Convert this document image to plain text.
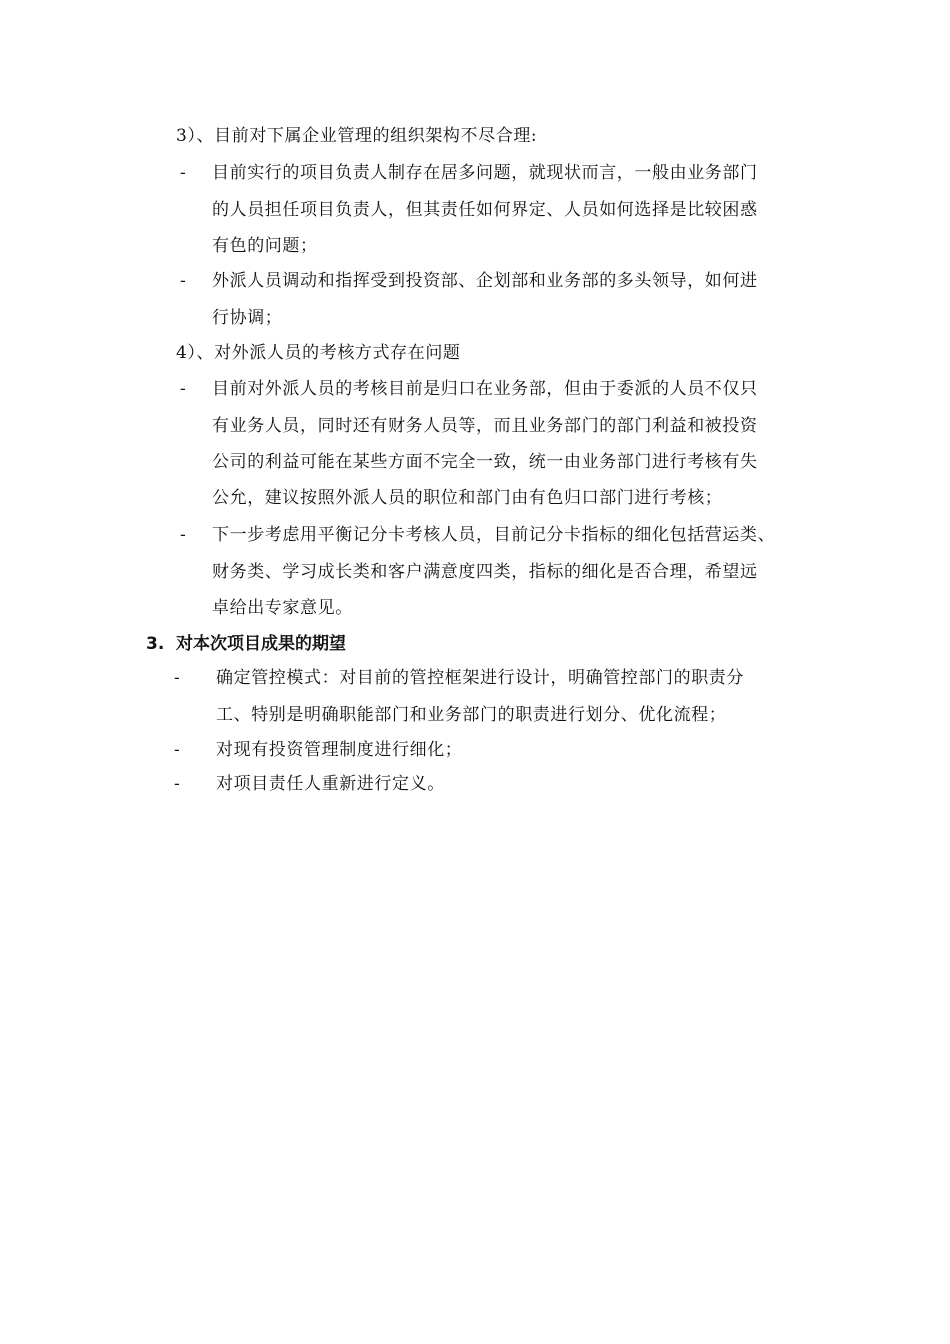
3）、目前对下属企业管理的组织架构不尽合理:
- 目前实行的项目负责人制存在居多问题，就现状而言，一般由业务部门
的人员担任项目负责人，但其责任如何界定、人员如何选择是比较困惑
有色的问题；
- 外派人员调动和指挥受到投资部、企划部和业务部的多头领导，如何进
行协调；
4）、对外派人员的考核方式存在问题
- 目前对外派人员的考核目前是归口在业务部，但由于委派的人员不仅只
有业务人员，同时还有财务人员等，而且业务部门的部门利益和被投资
公司的利益可能在某些方面不完全一致，统一由业务部门进行考核有失
公允，建议按照外派人员的职位和部门由有色归口部门进行考核；
- 下一步考虑用平衡记分卡考核人员，目前记分卡指标的细化包括营运类、
财务类、学习成长类和客户满意度四类，指标的细化是否合理，希望远
卓给出专家意见。
3. 对本次项目成果的期望
- 确定管控模式：对目前的管控框架进行设计，明确管控部门的职责分
工、特别是明确职能部门和业务部门的职责进行划分、优化流程；
- 对现有投资管理制度进行细化；
- 对项目责任人重新进行定义。
